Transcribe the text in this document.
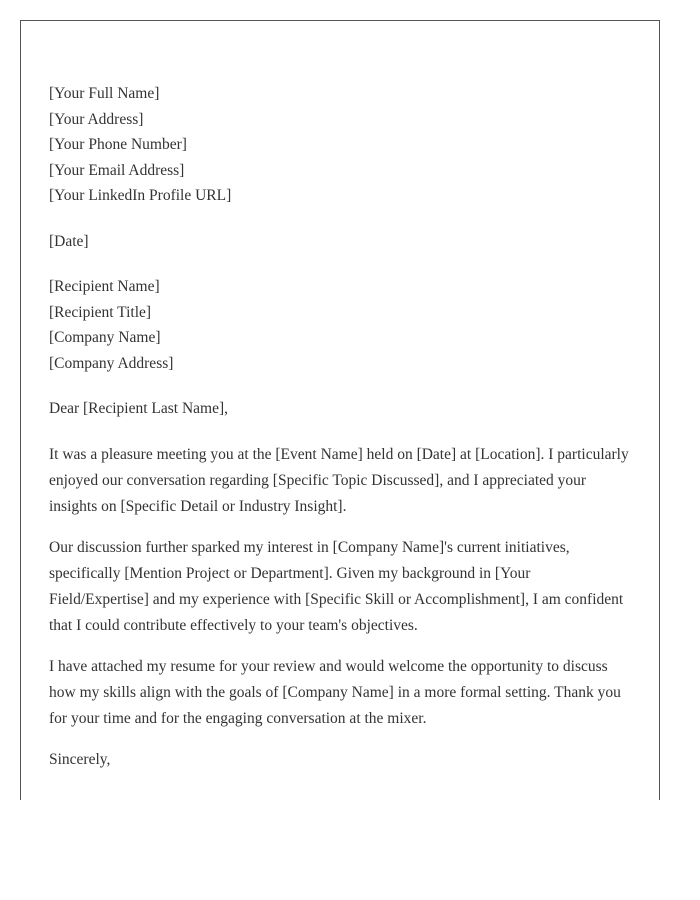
[Your Full Name]
[Your Address]
[Your Phone Number]
[Your Email Address]
[Your LinkedIn Profile URL]
[Date]
[Recipient Name]
[Recipient Title]
[Company Name]
[Company Address]
Dear [Recipient Last Name],

It was a pleasure meeting you at the [Event Name] held on [Date] at [Location]. I particularly enjoyed our conversation regarding [Specific Topic Discussed], and I appreciated your insights on [Specific Detail or Industry Insight].

Our discussion further sparked my interest in [Company Name]'s current initiatives, specifically [Mention Project or Department]. Given my background in [Your Field/Expertise] and my experience with [Specific Skill or Accomplishment], I am confident that I could contribute effectively to your team's objectives.

I have attached my resume for your review and would welcome the opportunity to discuss how my skills align with the goals of [Company Name] in a more formal setting. Thank you for your time and for the engaging conversation at the mixer.

Sincerely,
